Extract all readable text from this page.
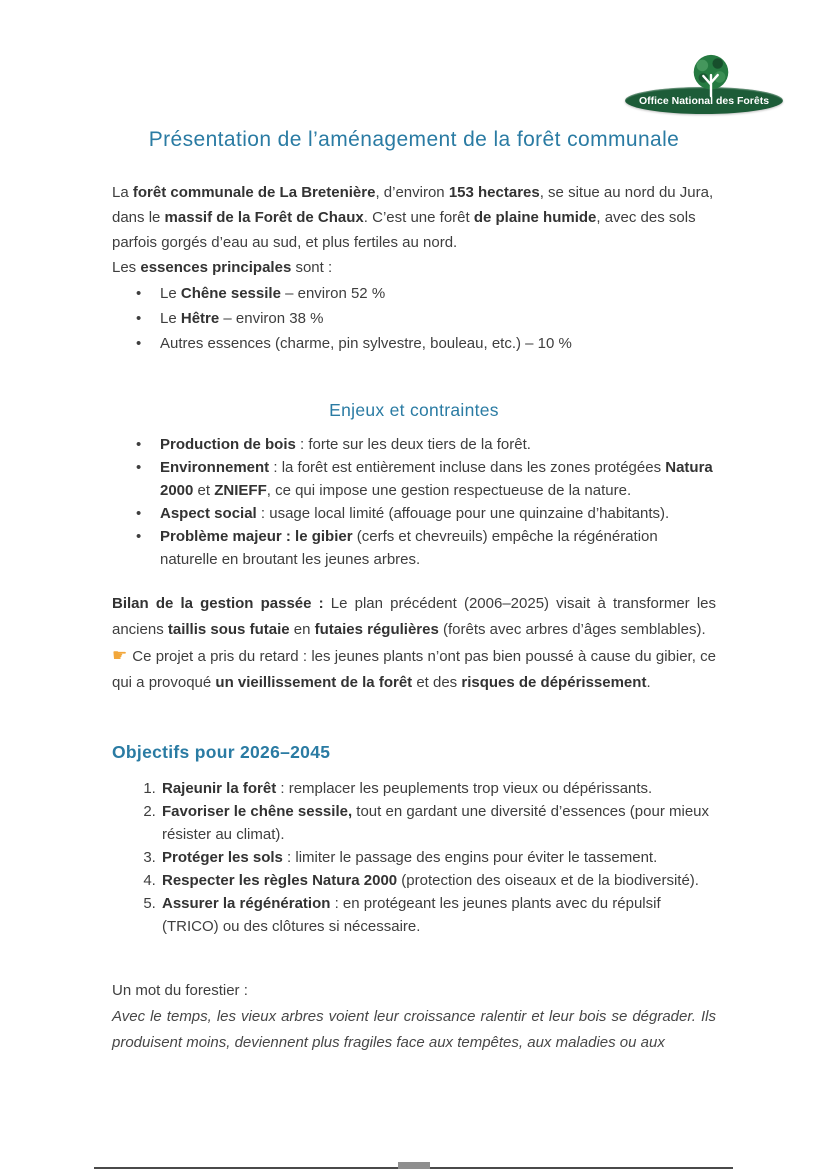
Office National des Forêts
Présentation de l’aménagement de la forêt communale

La forêt communale de La Bretenière, d’environ 153 hectares, se situe au nord du Jura, dans le massif de la Forêt de Chaux. C’est une forêt de plaine humide, avec des sols parfois gorgés d’eau au sud, et plus fertiles au nord.

Les essences principales sont :

• Le Chêne sessile – environ 52 %
• Le Hêtre – environ 38 %
• Autres essences (charme, pin sylvestre, bouleau, etc.) – 10 %
Enjeux et contraintes
• Production de bois : forte sur les deux tiers de la forêt.
• Environnement : la forêt est entièrement incluse dans les zones protégées Natura 2000 et ZNIEFF, ce qui impose une gestion respectueuse de la nature.
• Aspect social : usage local limité (affouage pour une quinzaine d’habitants).
• Problème majeur : le gibier (cerfs et chevreuils) empêche la régénération naturelle en broutant les jeunes arbres.

Bilan de la gestion passée : Le plan précédent (2006–2025) visait à transformer les anciens taillis sous futaie en futaies régulières (forêts avec arbres d’âges semblables).

☛ Ce projet a pris du retard : les jeunes plants n’ont pas bien poussé à cause du gibier, ce qui a provoqué un vieillissement de la forêt et des risques de dépérissement.

Objectifs pour 2026–2045
1. Rajeunir la forêt : remplacer les peuplements trop vieux ou dépérissants.
2. Favoriser le chêne sessile, tout en gardant une diversité d’essences (pour mieux résister au climat).
3. Protéger les sols : limiter le passage des engins pour éviter le tassement.
4. Respecter les règles Natura 2000 (protection des oiseaux et de la biodiversité).
5. Assurer la régénération : en protégeant les jeunes plants avec du répulsif (TRICO) ou des clôtures si nécessaire.

Un mot du forestier :

Avec le temps, les vieux arbres voient leur croissance ralentir et leur bois se dégrader. Ils produisent moins, deviennent plus fragiles face aux tempêtes, aux maladies ou aux
